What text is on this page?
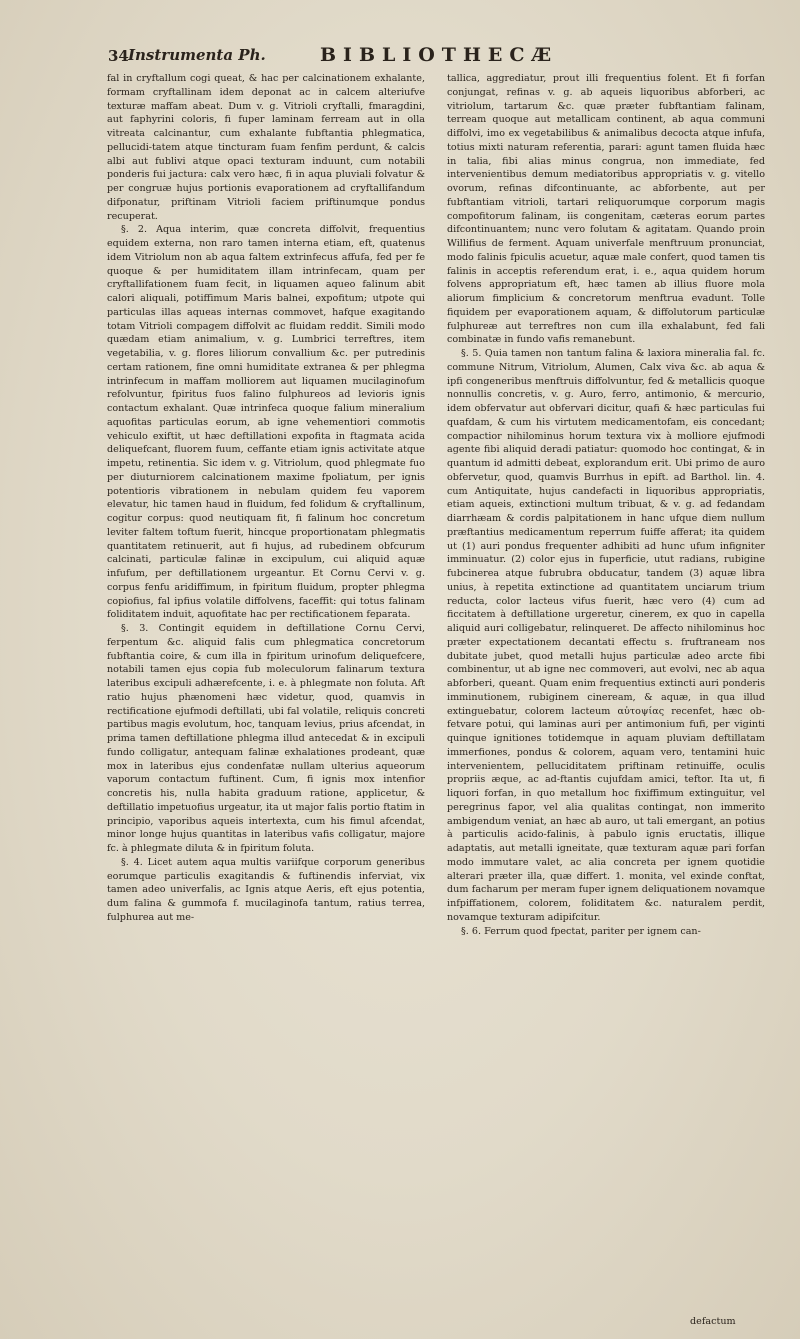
34 Instrumenta Ph.	BIBLIOTHECÆ

fal in cryftallum cogi queat, & hac per calcinationem exhalante, formam cryftallinam idem deponat ac in calcem alteriufve texturæ maffam abeat. Dum v. g. Vitrioli cryftalli, fmaragdini, aut faphyrini coloris, fi fuper laminam ferream aut in olla vitreata calcinantur, cum exhalante fubftantia phlegmatica, pellucidi-tatem atque tincturam fuam fenfim perdunt, & calcis albi aut fublivi atque opaci texturam induunt, cum notabili ponderis fui jactura: calx vero hæc, fi in aqua pluviali folvatur & per congruæ hujus portionis evaporationem ad cryftallifandum difponatur, priftinam Vitrioli faciem priftinumque pondus recuperat.

§. 2. Aqua interim, quæ concreta diffolvit, frequentius equidem externa, non raro tamen interna etiam, eft, quatenus idem Vitriolum non ab aqua faltem extrinfecus affufa, fed per fe quoque & per humiditatem illam intrinfecam, quam per cryftallifationem fuam fecit, in liquamen aqueo falinum abit calori aliquali, potiffimum Maris balnei, expofitum; utpote qui particulas illas aqueas internas commovet, hafque exagitando totam Vitrioli compagem diffolvit ac fluidam reddit. Simili modo quædam etiam animalium, v. g. Lumbrici terreftres, item vegetabilia, v. g. flores liliorum convallium &c. per putredinis certam rationem, fine omni humiditate extranea & per phlegma intrinfecum in maffam molliorem aut liquamen mucilaginofum refolvuntur, fpiritus fuos falino fulphureos ad levioris ignis contactum exhalant. Quæ intrinfeca quoque falium mineralium aquofitas particulas eorum, ab igne vehementiori commotis vehiculo exiftit, ut hæc deftillationi expofita in ftagmata acida deliquefcant, fluorem fuum, ceffante etiam ignis activitate atque impetu, retinentia. Sic idem v. g. Vitriolum, quod phlegmate fuo per diuturniorem calcinationem maxime fpoliatum, per ignis potentioris vibrationem in nebulam quidem feu vaporem elevatur, hic tamen haud in fluidum, fed folidum & cryftallinum, cogitur corpus: quod neutiquam fit, fi falinum hoc concretum leviter faltem toftum fuerit, hincque proportionatam phlegmatis quantitatem retinuerit, aut fi hujus, ad rubedinem obfcurum calcinati, particulæ falinæ in excipulum, cui aliquid aquæ infufum, per deftillationem urgeantur. Et Cornu Cervi v. g. corpus fenfu aridiffimum, in fpiritum fluidum, propter phlegma copiofius, fal ipfius volatile diffolvens, faceffit: qui totus falinam foliditatem induit, aquofitate hac per rectificationem feparata.

§. 3. Contingit equidem in deftillatione Cornu Cervi, ferpentum &c. aliquid falis cum phlegmatica concretorum fubftantia coire, & cum illa in fpiritum urinofum deliquefcere, notabili tamen ejus copia fub moleculorum falinarum textura lateribus excipuli adhærefcente, i. e. à phlegmate non foluta. Aft ratio hujus phænomeni hæc videtur, quod, quamvis in rectificatione ejufmodi deftillati, ubi fal volatile, reliquis concreti partibus magis evolutum, hoc, tanquam levius, prius afcendat, in prima tamen deftillatione phlegma illud antecedat & in excipuli fundo colligatur, antequam falinæ exhalationes prodeant, quæ mox in lateribus ejus condenfatæ nullam ulterius aqueorum vaporum contactum fuftinent. Cum, fi ignis mox intenfior concretis his, nulla habita graduum ratione, applicetur, & deftillatio impetuofius urgeatur, ita ut major falis portio ftatim in principio, vaporibus aqueis intertexta, cum his fimul afcendat, minor longe hujus quantitas in lateribus vafis colligatur, majore fc. à phlegmate diluta & in fpiritum foluta.

§. 4. Licet autem aqua multis variifque corporum generibus eorumque particulis exagitandis & fuftinendis inferviat, vix tamen adeo univerfalis, ac Ignis atque Aeris, eft ejus potentia, dum falina & gummofa f. mucilaginofa tantum, ratius terrea, fulphurea aut me-

tallica, aggrediatur, prout illi frequentius folent. Et fi forfan conjungat, refinas v. g. ab aqueis liquoribus abforberi, ac vitriolum, tartarum &c. quæ præter fubftantiam falinam, terream quoque aut metallicam continent, ab aqua communi diffolvi, imo ex vegetabilibus & animalibus decocta atque infufa, totius mixti naturam referentia, parari: agunt tamen fluida hæc in talia, fibi alias minus congrua, non immediate, fed intervenientibus demum mediatoribus appropriatis v. g. vitello ovorum, refinas difcontinuante, ac abforbente, aut per fubftantiam vitrioli, tartari reliquorumque corporum magis compofitorum falinam, iis congenitam, cæteras eorum partes difcontinuantem; nunc vero folutam & agitatam. Quando proin Willifius de ferment. Aquam univerfale menftruum pronunciat, modo falinis fpiculis acuetur, aquæ male confert, quod tamen tis falinis in acceptis referendum erat, i. e., aqua quidem horum folvens appropriatum eft, hæc tamen ab illius fluore mola aliorum fimplicium & concretorum menftrua evadunt. Tolle fiquidem per evaporationem aquam, & diffolutorum particulæ fulphureæ aut terreftres non cum illa exhalabunt, fed fali combinatæ in fundo vafis remanebunt.

§. 5. Quia tamen non tantum falina & laxiora mineralia fal. fc. commune Nitrum, Vitriolum, Alumen, Calx viva &c. ab aqua & ipfi congeneribus menftruis diffolvuntur, fed & metallicis quoque nonnullis concretis, v. g. Auro, ferro, antimonio, & mercurio, idem obfervatur aut obfervari dicitur, quafi & hæc particulas fui quafdam, & cum his virtutem medicamentofam, eis concedant; compactior nihilominus horum textura vix à molliore ejufmodi agente fibi aliquid deradi patiatur: quomodo hoc contingat, & in quantum id admitti debeat, explorandum erit. Ubi primo de auro obfervetur, quod, quamvis Burrhus in epift. ad Barthol. lin. 4. cum Antiquitate, hujus candefacti in liquoribus appropriatis, etiam aqueis, extinctioni multum tribuat, & v. g. ad fedandam diarrhæam & cordis palpitationem in hanc ufque diem nullum præftantius medicamentum reperrum fuiffe afferat; ita quidem ut (1) auri pondus frequenter adhibiti ad hunc ufum infigniter imminuatur. (2) color ejus in fuperficie, utut radians, rubigine fubcinerea atque fubrubra obducatur, tandem (3) aquæ libra unius, à repetita extinctione ad quantitatem unciarum trium reducta, color lacteus vifus fuerit, hæc vero (4) cum ad ficcitatem à deftillatione urgeretur, cinerem, ex quo in capella aliquid auri colligebatur, relinqueret. De affecto nihilominus hoc præter expectationem decantati effectu s. fruftraneam nos dubitate jubet, quod metalli hujus particulæ adeo arcte fibi combinentur, ut ab igne nec commoveri, aut evolvi, nec ab aqua abforberi, queant. Quam enim frequentius extincti auri ponderis imminutionem, rubiginem cineream, & aquæ, in qua illud extinguebatur, colorem lacteum αὐτοψίας recenfet, hæc ob-fetvare potui, qui laminas auri per antimonium fufi, per viginti quinque ignitiones totidemque in aquam pluviam deftillatam immerfiones, pondus & colorem, aquam vero, tentamini huic intervenientem, pelluciditatem priftinam retinuiffe, oculis propriis æque, ac ad-ftantis cujufdam amici, teftor. Ita ut, fi liquori forfan, in quo metallum hoc fixiffimum extinguitur, vel peregrinus fapor, vel alia qualitas contingat, non immerito ambigendum veniat, an hæc ab auro, ut tali emergant, an potius à particulis acido-falinis, à pabulo ignis eructatis, illique adaptatis, aut metalli igneitate, quæ texturam aquæ pari forfan modo immutare valet, ac alia concreta per ignem quotidie alterari præter illa, quæ differt. 1. monita, vel exinde conftat, dum facharum per meram fuper ignem deliquationem novamque infpiffationem, colorem, foliditatem &c. naturalem perdit, novamque texturam adipifcitur.

§. 6. Ferrum quod fpectat, pariter per ignem can-

defactum
